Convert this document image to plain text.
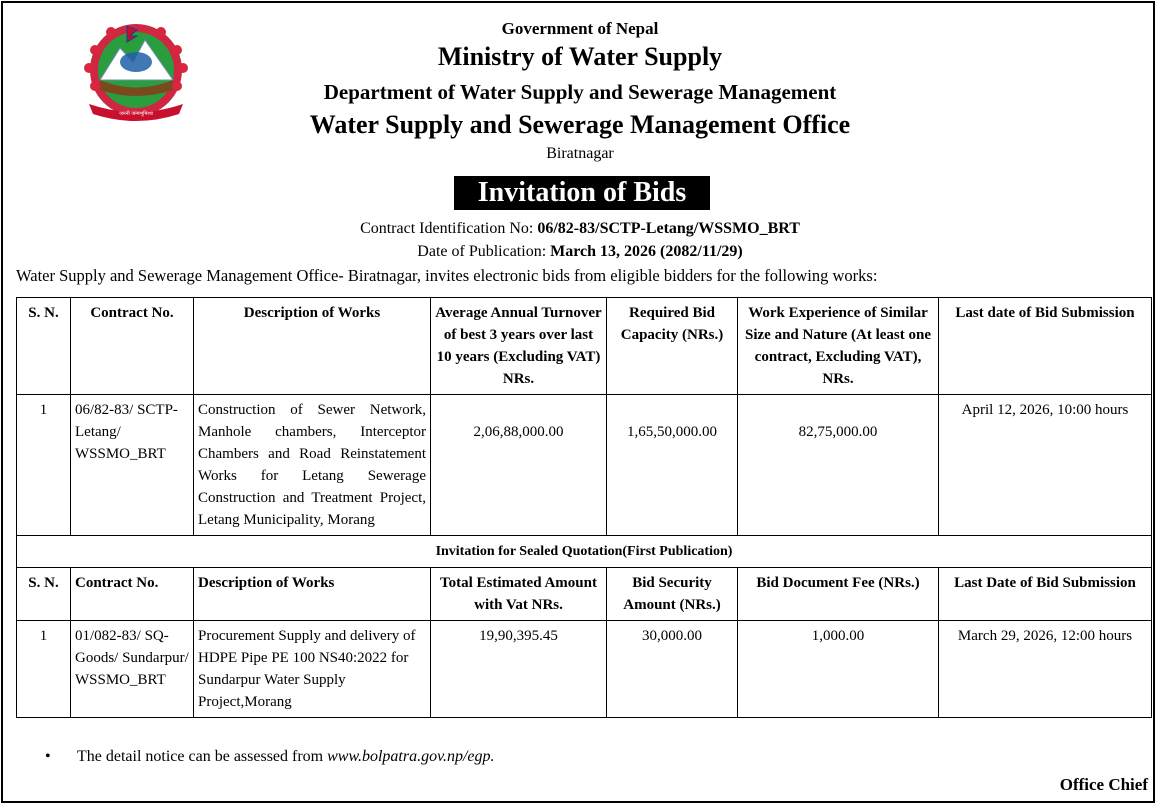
जननी जन्मभूमिश्च
Government of Nepal
Ministry of Water Supply
Department of Water Supply and Sewerage Management
Water Supply and Sewerage Management Office
Biratnagar
Invitation of Bids
Contract Identification No: 06/82-83/SCTP-Letang/WSSMO_BRT
Date of Publication: March 13, 2026 (2082/11/29)
Water Supply and Sewerage Management Office- Biratnagar, invites electronic bids from eligible bidders for the following works:
S. N.	Contract No.	Description of Works	Average Annual Turnover of best 3 years over last 10 years (Excluding VAT) NRs.	Required Bid Capacity (NRs.)	Work Experience of Similar Size and Nature (At least one contract, Excluding VAT), NRs.	Last date of Bid Submission
1	06/82-83/ SCTP-Letang/ WSSMO_BRT	Construction of Sewer Network, Manhole chambers, Interceptor Chambers and Road Reinstatement Works for Letang Sewerage Construction and Treatment Project, Letang Municipality, Morang	2,06,88,000.00	1,65,50,000.00	82,75,000.00	April 12, 2026, 10:00 hours
Invitation for Sealed Quotation(First Publication)						
S. N.	Contract No.	Description of Works	Total Estimated Amount with Vat NRs.	Bid Security Amount (NRs.)	Bid Document Fee (NRs.)	Last Date of Bid Submission
1	01/082-83/ SQ-Goods/ Sundarpur/ WSSMO_BRT	Procurement Supply and delivery of HDPE Pipe PE 100 NS40:2022 for Sundarpur Water Supply Project,Morang	19,90,395.45	30,000.00	1,000.00	March 29, 2026, 12:00 hours
• The detail notice can be assessed from www.bolpatra.gov.np/egp.
Office Chief
